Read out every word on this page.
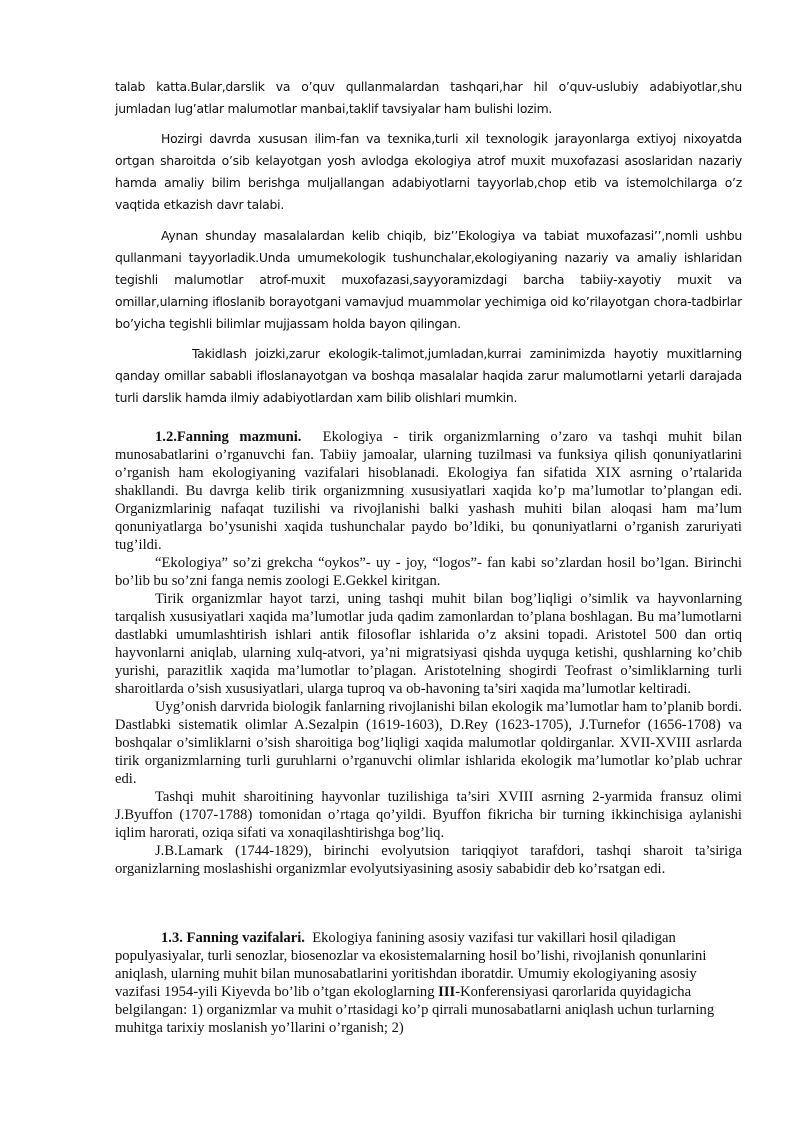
talab katta.Bular,darslik va o’quv qullanmalardan tashqari,har hil o’quv-uslubiy adabiyotlar,shu jumladan lug’atlar malumotlar manbai,taklif tavsiyalar ham bulishi lozim.

Hozirgi davrda xususan ilim-fan va texnika,turli xil texnologik jarayonlarga extiyoj nixoyatda ortgan sharoitda o’sib kelayotgan yosh avlodga ekologiya atrof muxit muxofazasi asoslaridan nazariy hamda amaliy bilim berishga muljallangan adabiyotlarni tayyorlab,chop etib va istemolchilarga o’z vaqtida etkazish davr talabi.

Aynan shunday masalalardan kelib chiqib, biz’’Ekologiya va tabiat muxofazasi’’,nomli ushbu qullanmani tayyorladik.Unda umumekologik tushunchalar,ekologiyaning nazariy va amaliy ishlaridan tegishli malumotlar atrof-muxit muxofazasi,sayyoramizdagi barcha tabiiy-xayotiy muxit va omillar,ularning ifloslanib borayotgani vamavjud muammolar yechimiga oid ko’rilayotgan chora-tadbirlar bo’yicha tegishli bilimlar mujjassam holda bayon qilingan.

Takidlash joizki,zarur ekologik-talimot,jumladan,kurrai zaminimizda hayotiy muxitlarning qanday omillar sababli ifloslanayotgan va boshqa masalalar haqida zarur malumotlarni yetarli darajada turli darslik hamda ilmiy adabiyotlardan xam bilib olishlari mumkin.

1.2.Fanning mazmuni. Ekologiya - tirik organizmlarning o’zaro va tashqi muhit bilan munosabatlarini o’rganuvchi fan. Tabiiy jamoalar, ularning tuzilmasi va funksiya qilish qonuniyatlarini o’rganish ham ekologiyaning vazifalari hisoblanadi. Ekologiya fan sifatida XIX asrning o’rtalarida shakllandi. Bu davrga kelib tirik organizmning xususiyatlari xaqida ko’p ma’lumotlar to’plangan edi. Organizmlarinig nafaqat tuzilishi va rivojlanishi balki yashash muhiti bilan aloqasi ham ma’lum qonuniyatlarga bo’ysunishi xaqida tushunchalar paydo bo’ldiki, bu qonuniyatlarni o’rganish zaruriyati tug’ildi.

“Ekologiya” so’zi grekcha “oykos”- uy - joy, “logos”- fan kabi so’zlardan hosil bo’lgan. Birinchi bo’lib bu so’zni fanga nemis zoologi E.Gekkel kiritgan.

Tirik organizmlar hayot tarzi, uning tashqi muhit bilan bog’liqligi o’simlik va hayvonlarning tarqalish xususiyatlari xaqida ma’lumotlar juda qadim zamonlardan to’plana boshlagan. Bu ma’lumotlarni dastlabki umumlashtirish ishlari antik filosoflar ishlarida o’z aksini topadi. Aristotel 500 dan ortiq hayvonlarni aniqlab, ularning xulq-atvori, ya’ni migratsiyasi qishda uyquga ketishi, qushlarning ko’chib yurishi, parazitlik xaqida ma’lumotlar to’plagan. Aristotelning shogirdi Teofrast o’simliklarning turli sharoitlarda o’sish xususiyatlari, ularga tuproq va ob-havoning ta’siri xaqida ma’lumotlar keltiradi.

Uyg’onish darvrida biologik fanlarning rivojlanishi bilan ekologik ma’lumotlar ham to’planib bordi. Dastlabki sistematik olimlar A.Sezalpin (1619-1603), D.Rey (1623-1705), J.Turnefor (1656-1708) va boshqalar o’simliklarni o’sish sharoitiga bog’liqligi xaqida malumotlar qoldirganlar. XVII-XVIII asrlarda tirik organizmlarning turli guruhlarni o’rganuvchi olimlar ishlarida ekologik ma’lumotlar ko’plab uchrar edi.

Tashqi muhit sharoitining hayvonlar tuzilishiga ta’siri XVIII asrning 2-yarmida fransuz olimi J.Byuffon (1707-1788) tomonidan o’rtaga qo’yildi. Byuffon fikricha bir turning ikkinchisiga aylanishi iqlim harorati, oziqa sifati va xonaqilashtirishga bog’liq.

J.B.Lamark (1744-1829), birinchi evolyutsion tariqqiyot tarafdori, tashqi sharoit ta’siriga organizlarning moslashishi organizmlar evolyutsiyasining asosiy sababidir deb ko’rsatgan edi.

1.3. Fanning vazifalari. Ekologiya fanining asosiy vazifasi tur vakillari hosil qiladigan populyasiyalar, turli senozlar, biosenozlar va ekosistemalarning hosil bo’lishi, rivojlanish qonunlarini aniqlash, ularning muhit bilan munosabatlarini yoritishdan iboratdir. Umumiy ekologiyaning asosiy vazifasi 1954-yili Kiyevda bo’lib o’tgan ekologlarning III-Konferensiyasi qarorlarida quyidagicha belgilangan: 1) organizmlar va muhit o’rtasidagi ko’p qirrali munosabatlarni aniqlash uchun turlarning muhitga tarixiy moslanish yo’llarini o’rganish; 2)
